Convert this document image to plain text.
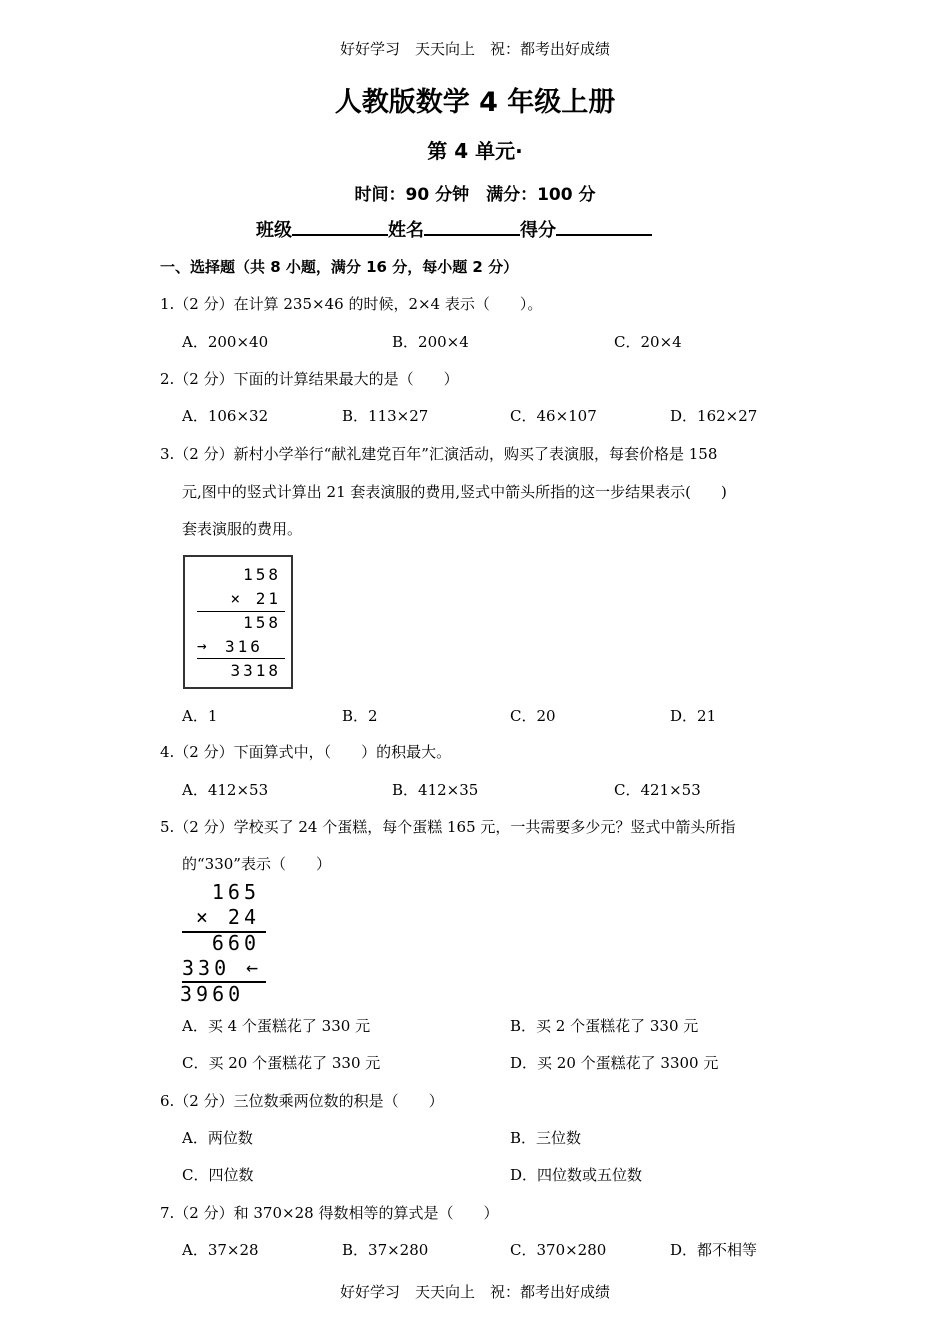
好好学习　天天向上　祝：都考出好成绩
人教版数学 4 年级上册
第 4 单元·
时间：90 分钟　满分：100 分
班级	姓名	得分
一、选择题（共 8 小题，满分 16 分，每小题 2 分）
1.（2 分）在计算 235×46 的时候，2×4 表示（　　）。
A．200×40	B．200×4	C．20×4
2.（2 分）下面的计算结果最大的是（　　）
A．106×32	B．113×27	C．46×107	D．162×27
3.（2 分）新村小学举行“献礼建党百年”汇演活动，购买了表演服，每套价格是 158
元,图中的竖式计算出 21 套表演服的费用,竖式中箭头所指的这一步结果表示(　　)
套表演服的费用。
158
× 21
158
→ 316
3318
A．1	B．2	C．20	D．21
4.（2 分）下面算式中，（　　）的积最大。
A．412×53	B．412×35	C．421×53
5.（2 分）学校买了 24 个蛋糕，每个蛋糕 165 元，一共需要多少元？竖式中箭头所指
的“330”表示（　　）
165
× 24
660
330 ←
3960
A．买 4 个蛋糕花了 330 元	B．买 2 个蛋糕花了 330 元
C．买 20 个蛋糕花了 330 元	D．买 20 个蛋糕花了 3300 元
6.（2 分）三位数乘两位数的积是（　　）
A．两位数	B．三位数
C．四位数	D．四位数或五位数
7.（2 分）和 370×28 得数相等的算式是（　　）
A．37×28	B．37×280	C．370×280	D．都不相等
好好学习　天天向上　祝：都考出好成绩
